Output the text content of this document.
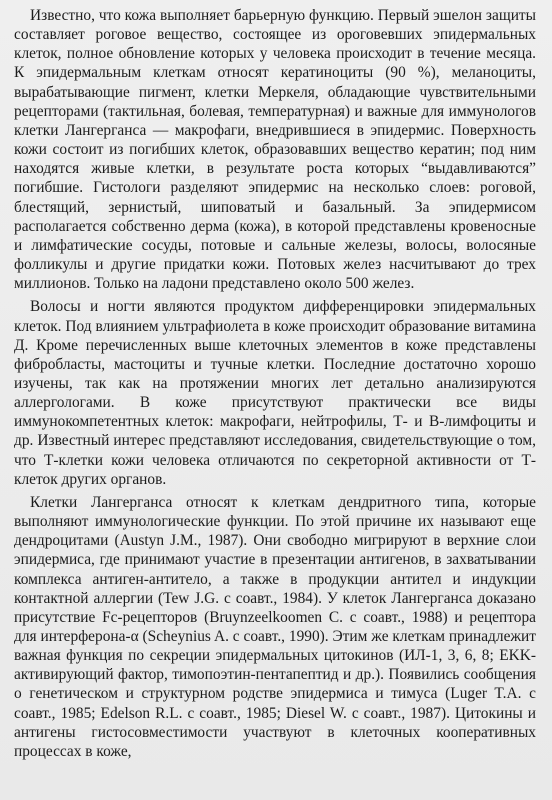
Известно, что кожа выполняет барьерную функцию. Первый эшелон защиты составляет роговое вещество, состоящее из ороговевших эпидермальных клеток, полное обновление которых у человека происходит в течение месяца. К эпидермальным клеткам относят кератиноциты (90 %), меланоциты, вырабатывающие пигмент, клетки Меркеля, обладающие чувствительными рецепторами (тактильная, болевая, температурная) и важные для иммунологов клетки Лангерганса — макрофаги, внедрившиеся в эпидермис. Поверхность кожи состоит из погибших клеток, образовавших вещество кератин; под ним находятся живые клетки, в результате роста которых “выдавливаются” погибшие. Гистологи разделяют эпидермис на несколько слоев: роговой, блестящий, зернистый, шиповатый и базальный. За эпидермисом располагается собственно дерма (кожа), в которой представлены кровеносные и лимфатические сосуды, потовые и сальные железы, волосы, волосяные фолликулы и другие придатки кожи. Потовых желез насчитывают до трех миллионов. Только на ладони представлено около 500 желез.

Волосы и ногти являются продуктом дифференцировки эпидермальных клеток. Под влиянием ультрафиолета в коже происходит образование витамина Д. Кроме перечисленных выше клеточных элементов в коже представлены фибробласты, мастоциты и тучные клетки. Последние достаточно хорошо изучены, так как на протяжении многих лет детально анализируются аллергологами. В коже присутствуют практически все виды иммунокомпетентных клеток: макрофаги, нейтрофилы, Т- и В-лимфоциты и др. Известный интерес представляют исследования, свидетельствующие о том, что Т-клетки кожи человека отличаются по секреторной активности от Т-клеток других органов.

Клетки Лангерганса относят к клеткам дендритного типа, которые выполняют иммунологические функции. По этой причине их называют еще дендроцитами (Austyn J.M., 1987). Они свободно мигрируют в верхние слои эпидермиса, где принимают участие в презентации антигенов, в захватывании комплекса антиген-антитело, а также в продукции антител и индукции контактной аллергии (Tew J.G. с соавт., 1984). У клеток Лангерганса доказано присутствие Fc-рецепторов (Bruynzeelkoomen C. с соавт., 1988) и рецептора для интерферона-α (Scheynius A. с соавт., 1990). Этим же клеткам принадлежит важная функция по секреции эпидермальных цитокинов (ИЛ-1, 3, 6, 8; EKK-активирующий фактор, тимопоэтин-пентапептид и др.). Появились сообщения о генетическом и структурном родстве эпидермиса и тимуса (Luger T.A. с соавт., 1985; Edelson R.L. с соавт., 1985; Diesel W. с соавт., 1987). Цитокины и антигены гистосовместимости участвуют в клеточных кооперативных процессах в коже,
